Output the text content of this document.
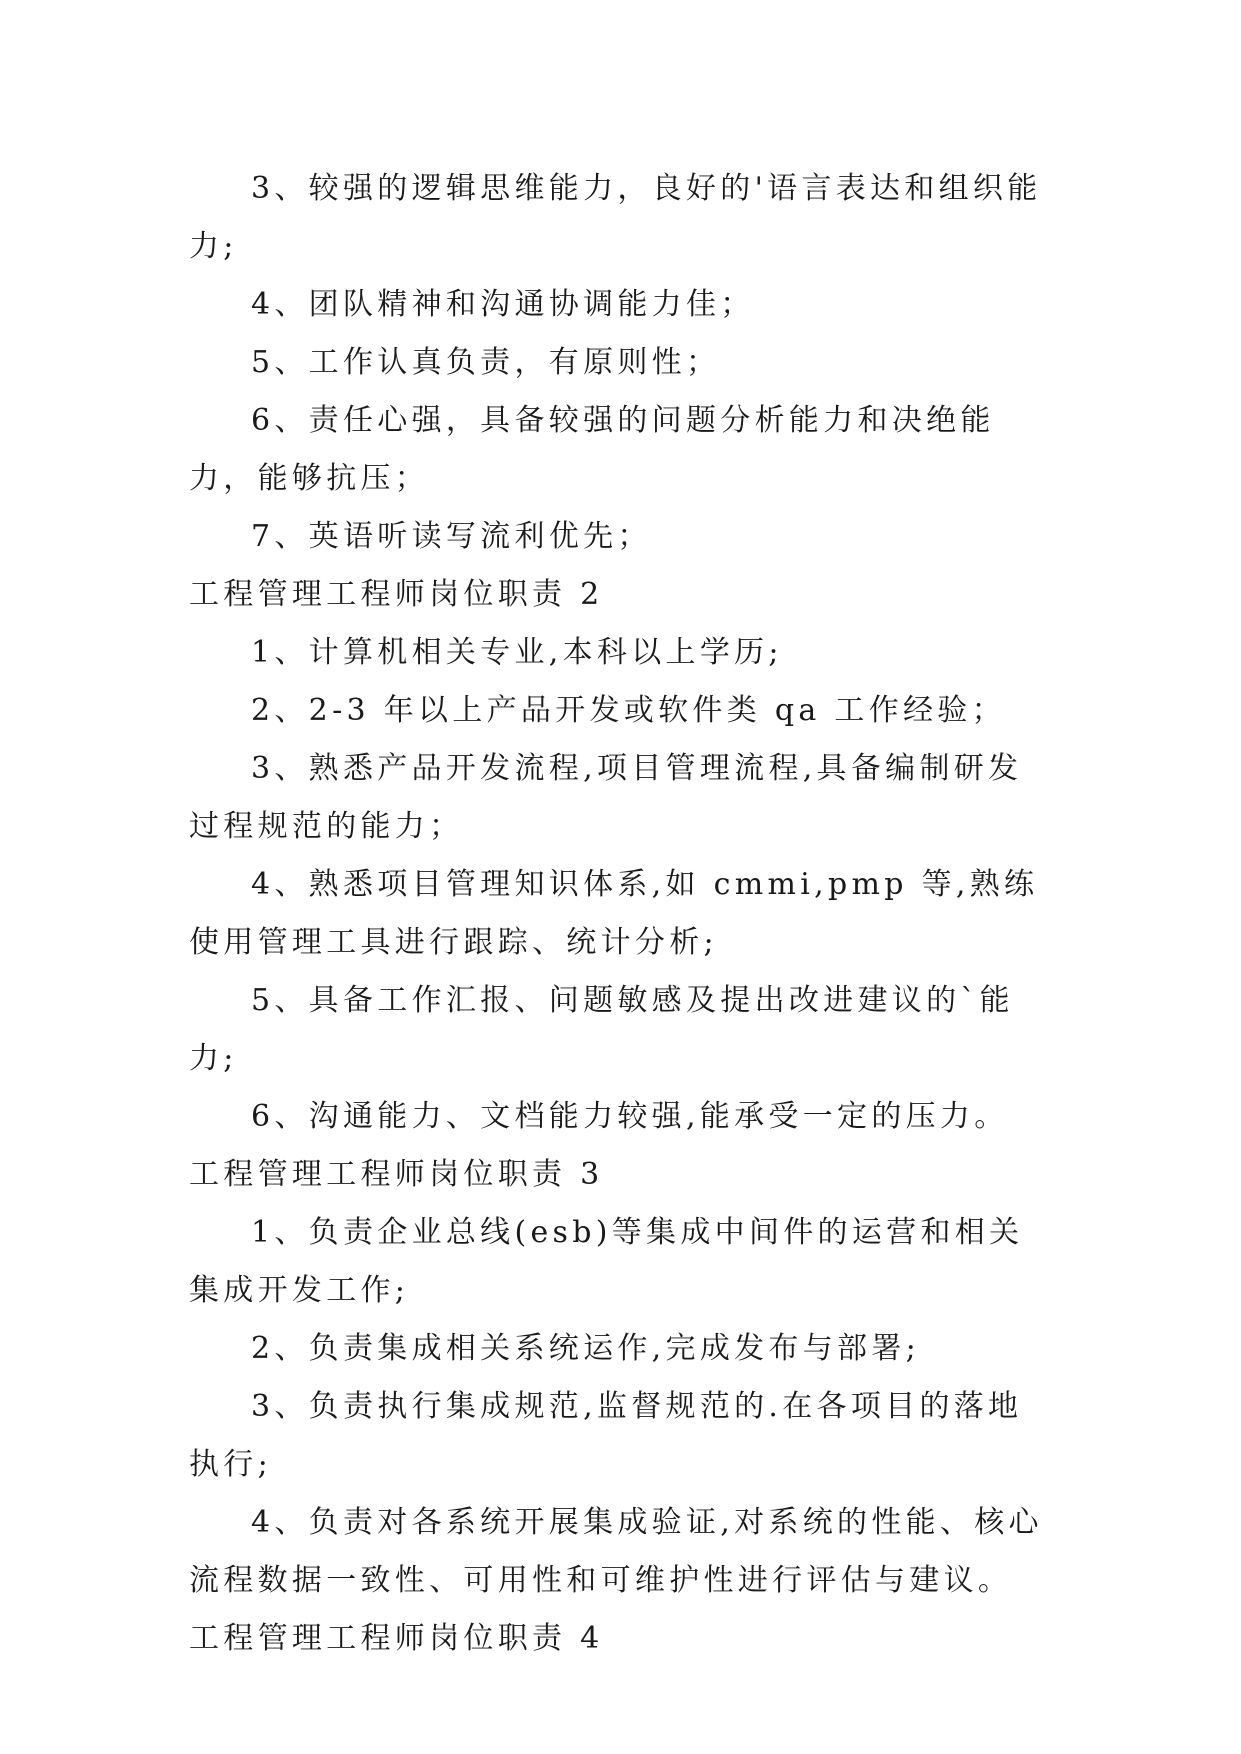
3、较强的逻辑思维能力，良好的'语言表达和组织能力;

4、团队精神和沟通协调能力佳；

5、工作认真负责，有原则性；

6、责任心强，具备较强的问题分析能力和决绝能力，能够抗压；

7、英语听读写流利优先；

工程管理工程师岗位职责 2

1、计算机相关专业,本科以上学历;

2、2-3 年以上产品开发或软件类 qa 工作经验；

3、熟悉产品开发流程,项目管理流程,具备编制研发过程规范的能力；

4、熟悉项目管理知识体系,如 cmmi,pmp 等,熟练使用管理工具进行跟踪、统计分析;

5、具备工作汇报、问题敏感及提出改进建议的`能力;

6、沟通能力、文档能力较强,能承受一定的压力。

工程管理工程师岗位职责 3

1、负责企业总线(esb)等集成中间件的运营和相关集成开发工作;

2、负责集成相关系统运作,完成发布与部署;

3、负责执行集成规范,监督规范的.在各项目的落地执行;

4、负责对各系统开展集成验证,对系统的性能、核心流程数据一致性、可用性和可维护性进行评估与建议。

工程管理工程师岗位职责 4
